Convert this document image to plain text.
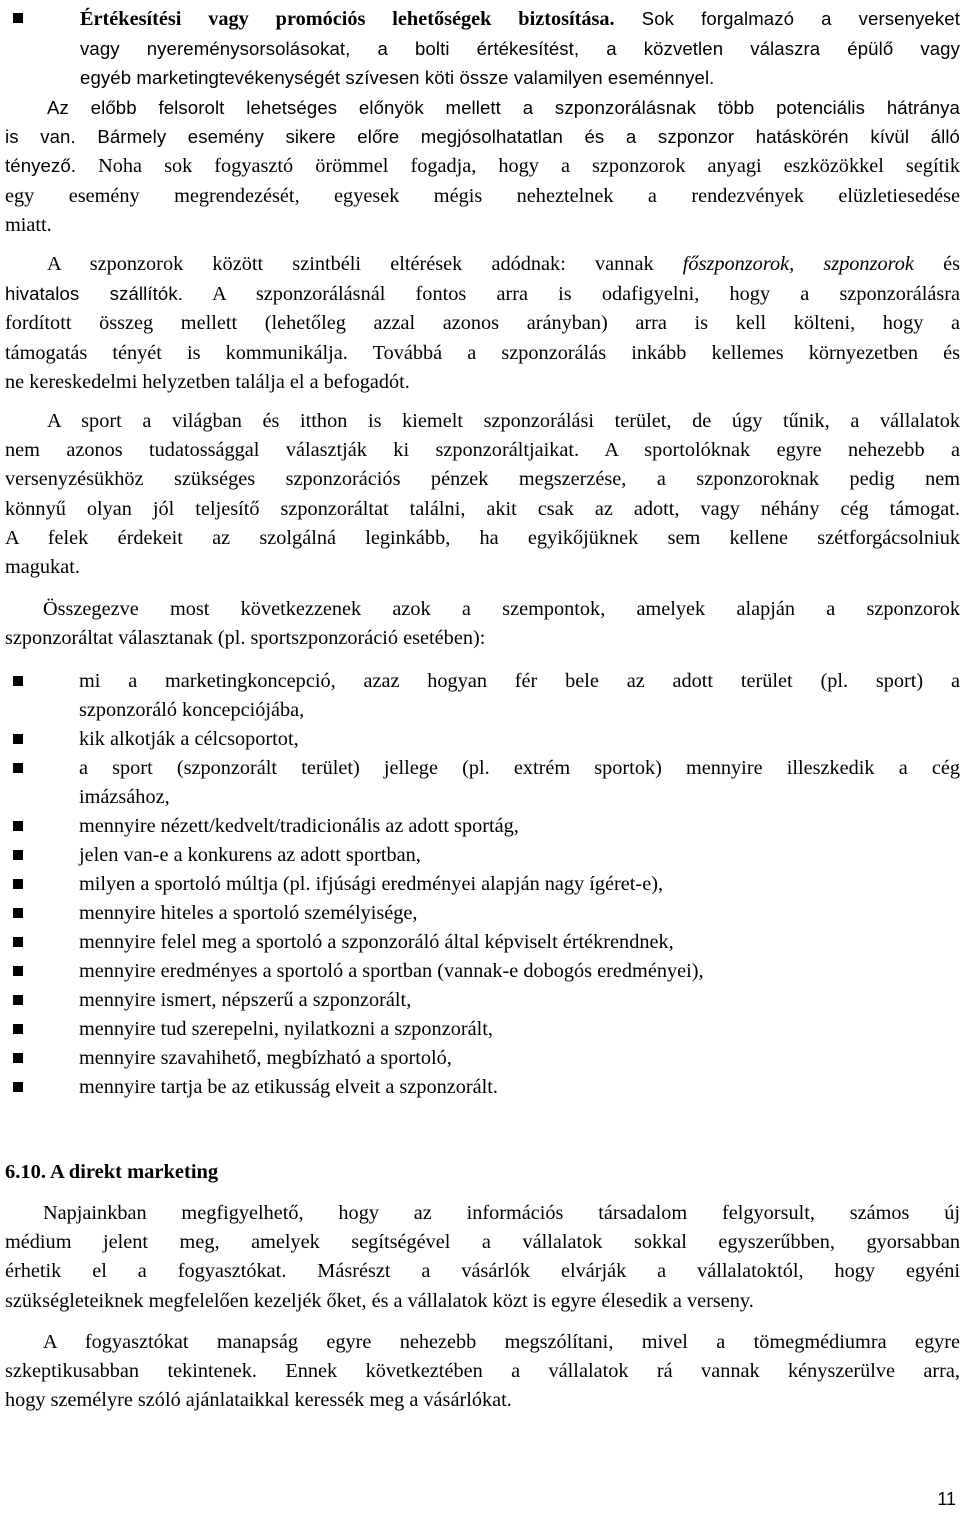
Értékesítési vagy promóciós lehetőségek biztosítása. Sok forgalmazó a versenyeket
vagy nyereménysorsolásokat, a bolti értékesítést, a közvetlen válaszra épülő vagy
egyéb marketingtevékenységét szívesen köti össze valamilyen eseménnyel.
Az előbb felsorolt lehetséges előnyök mellett a szponzorálásnak több potenciális hátránya
is van. Bármely esemény sikere előre megjósolhatatlan és a szponzor hatáskörén kívül álló
tényező. Noha sok fogyasztó örömmel fogadja, hogy a szponzorok anyagi eszközökkel segítik
egy esemény megrendezését, egyesek mégis neheztelnek a rendezvények elüzletiesedése
miatt.
A szponzorok között szintbéli eltérések adódnak: vannak főszponzorok, szponzorok és
hivatalos szállítók. A szponzorálásnál fontos arra is odafigyelni, hogy a szponzorálásra
fordított összeg mellett (lehetőleg azzal azonos arányban) arra is kell költeni, hogy a
támogatás tényét is kommunikálja. Továbbá a szponzorálás inkább kellemes környezetben és
ne kereskedelmi helyzetben találja el a befogadót.
A sport a világban és itthon is kiemelt szponzorálási terület, de úgy tűnik, a vállalatok
nem azonos tudatossággal választják ki szponzoráltjaikat. A sportolóknak egyre nehezebb a
versenyzésükhöz szükséges szponzorációs pénzek megszerzése, a szponzoroknak pedig nem
könnyű olyan jól teljesítő szponzoráltat találni, akit csak az adott, vagy néhány cég támogat.
A felek érdekeit az szolgálná leginkább, ha egyikőjüknek sem kellene szétforgácsolniuk
magukat.
Összegezve most következzenek azok a szempontok, amelyek alapján a szponzorok
szponzoráltat választanak (pl. sportszponzoráció esetében):
mi a marketingkoncepció, azaz hogyan fér bele az adott terület (pl. sport) a
szponzoráló koncepciójába,
kik alkotják a célcsoportot,
a sport (szponzorált terület) jellege (pl. extrém sportok) mennyire illeszkedik a cég
imázsához,
mennyire nézett/kedvelt/tradicionális az adott sportág,
jelen van-e a konkurens az adott sportban,
milyen a sportoló múltja (pl. ifjúsági eredményei alapján nagy ígéret-e),
mennyire hiteles a sportoló személyisége,
mennyire felel meg a sportoló a szponzoráló által képviselt értékrendnek,
mennyire eredményes a sportoló a sportban (vannak-e dobogós eredményei),
mennyire ismert, népszerű a szponzorált,
mennyire tud szerepelni, nyilatkozni a szponzorált,
mennyire szavahihető, megbízható a sportoló,
mennyire tartja be az etikusság elveit a szponzorált.
6.10. A direkt marketing
Napjainkban megfigyelhető, hogy az információs társadalom felgyorsult, számos új
médium jelent meg, amelyek segítségével a vállalatok sokkal egyszerűbben, gyorsabban
érhetik el a fogyasztókat. Másrészt a vásárlók elvárják a vállalatoktól, hogy egyéni
szükségleteiknek megfelelően kezeljék őket, és a vállalatok közt is egyre élesedik a verseny.
A fogyasztókat manapság egyre nehezebb megszólítani, mivel a tömegmédiumra egyre
szkeptikusabban tekintenek. Ennek következtében a vállalatok rá vannak kényszerülve arra,
hogy személyre szóló ajánlataikkal keressék meg a vásárlókat.
11
